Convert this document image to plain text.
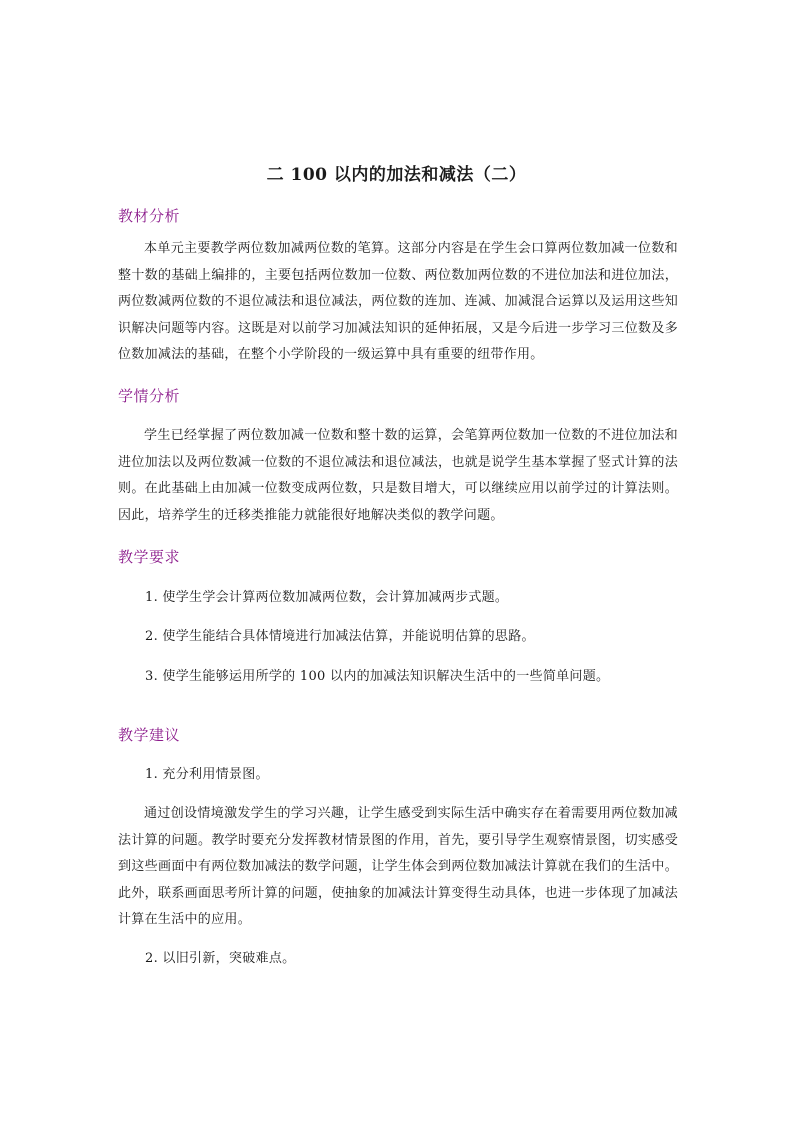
二 100 以内的加法和减法（二）
教材分析

本单元主要教学两位数加减两位数的笔算。这部分内容是在学生会口算两位数加减一位数和整十数的基础上编排的，主要包括两位数加一位数、两位数加两位数的不进位加法和进位加法，两位数减两位数的不退位减法和退位减法，两位数的连加、连减、加减混合运算以及运用这些知识解决问题等内容。这既是对以前学习加减法知识的延伸拓展，又是今后进一步学习三位数及多位数加减法的基础，在整个小学阶段的一级运算中具有重要的纽带作用。

学情分析

学生已经掌握了两位数加减一位数和整十数的运算，会笔算两位数加一位数的不进位加法和进位加法以及两位数减一位数的不退位减法和退位减法，也就是说学生基本掌握了竖式计算的法则。在此基础上由加减一位数变成两位数，只是数目增大，可以继续应用以前学过的计算法则。因此，培养学生的迁移类推能力就能很好地解决类似的教学问题。

教学要求

1. 使学生学会计算两位数加减两位数，会计算加减两步式题。

2. 使学生能结合具体情境进行加减法估算，并能说明估算的思路。

3. 使学生能够运用所学的 100 以内的加减法知识解决生活中的一些简单问题。

教学建议

1. 充分利用情景图。

通过创设情境激发学生的学习兴趣，让学生感受到实际生活中确实存在着需要用两位数加减法计算的问题。教学时要充分发挥教材情景图的作用，首先，要引导学生观察情景图，切实感受到这些画面中有两位数加减法的数学问题，让学生体会到两位数加减法计算就在我们的生活中。此外，联系画面思考所计算的问题，使抽象的加减法计算变得生动具体，也进一步体现了加减法计算在生活中的应用。

2. 以旧引新，突破难点。
